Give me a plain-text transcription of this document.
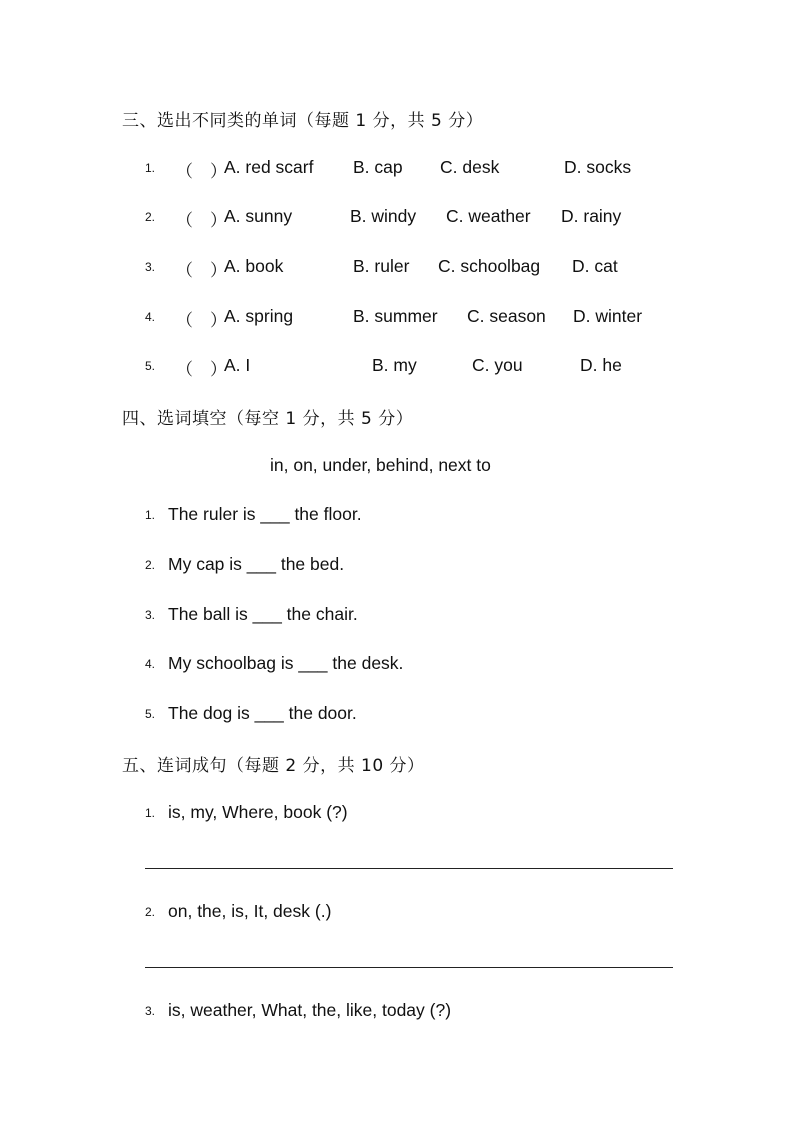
三、选出不同类的单词（每题 1 分，共 5 分）
1. （　）
A. red scarf B. cap C. desk	D. socks
2. （　）
A. sunny	B. windy C. weather D. rainy
3. （　）
A. book	B. ruler C. schoolbag D. cat
4. （　）
A. spring	B. summer C. season D. winter
5. （　）
A. I	B. my	C. you	D. he
四、选词填空（每空 1 分，共 5 分）
in, on, under, behind, next to
1. The ruler is ___ the floor.
2. My cap is ___ the bed.
3. The ball is ___ the chair.
4. My schoolbag is ___ the desk.
5. The dog is ___ the door.
五、连词成句（每题 2 分，共 10 分）
1. is, my, Where, book (?)
2. on, the, is, It, desk (.)
3. is, weather, What, the, like, today (?)
